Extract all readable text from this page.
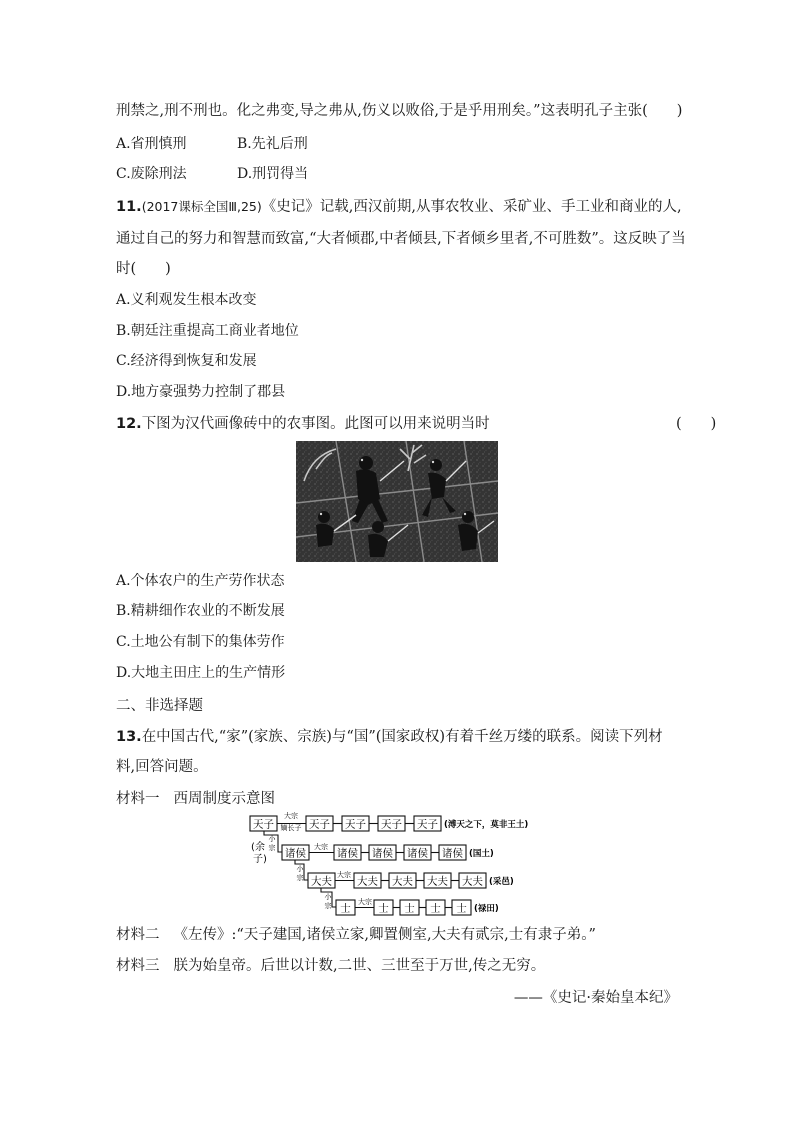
刑禁之,刑不刑也。化之弗变,导之弗从,伤义以败俗,于是乎用刑矣。”这表明孔子主张(　　)
A.省刑慎刑	B.先礼后刑
C.废除刑法	D.刑罚得当
11.(2017课标全国Ⅲ,25)《史记》记载,西汉前期,从事农牧业、采矿业、手工业和商业的人,
通过自己的努力和智慧而致富,“大者倾郡,中者倾县,下者倾乡里者,不可胜数”。这反映了当
时(　　)
A.义利观发生根本改变
B.朝廷注重提高工商业者地位
C.经济得到恢复和发展
D.地方豪强势力控制了郡县
12.下图为汉代画像砖中的农事图。此图可以用来说明当时	(　　)
A.个体农户的生产劳作状态
B.精耕细作农业的不断发展
C.土地公有制下的集体劳作
D.大地主田庄上的生产情形
二、非选择题
13.在中国古代,“家”(家族、宗族)与“国”(国家政权)有着千丝万缕的联系。阅读下列材
料,回答问题。
材料一 西周制度示意图
天子
大宗
嫡长子 天子 天子 天子 天子 (溥天之下，莫非王土)
小
宗
(余
子) 诸侯
大宗
诸侯 诸侯 诸侯 诸侯 (国土)
小
宗 大夫
大宗
大夫 大夫 大夫 大夫 (采邑)
小
宗 士
大宗
士 士 士 士 (禄田)
材料二 《左传》:“天子建国,诸侯立家,卿置侧室,大夫有贰宗,士有隶子弟。”
材料三 朕为始皇帝。后世以计数,二世、三世至于万世,传之无穷。
——《史记·秦始皇本纪》
